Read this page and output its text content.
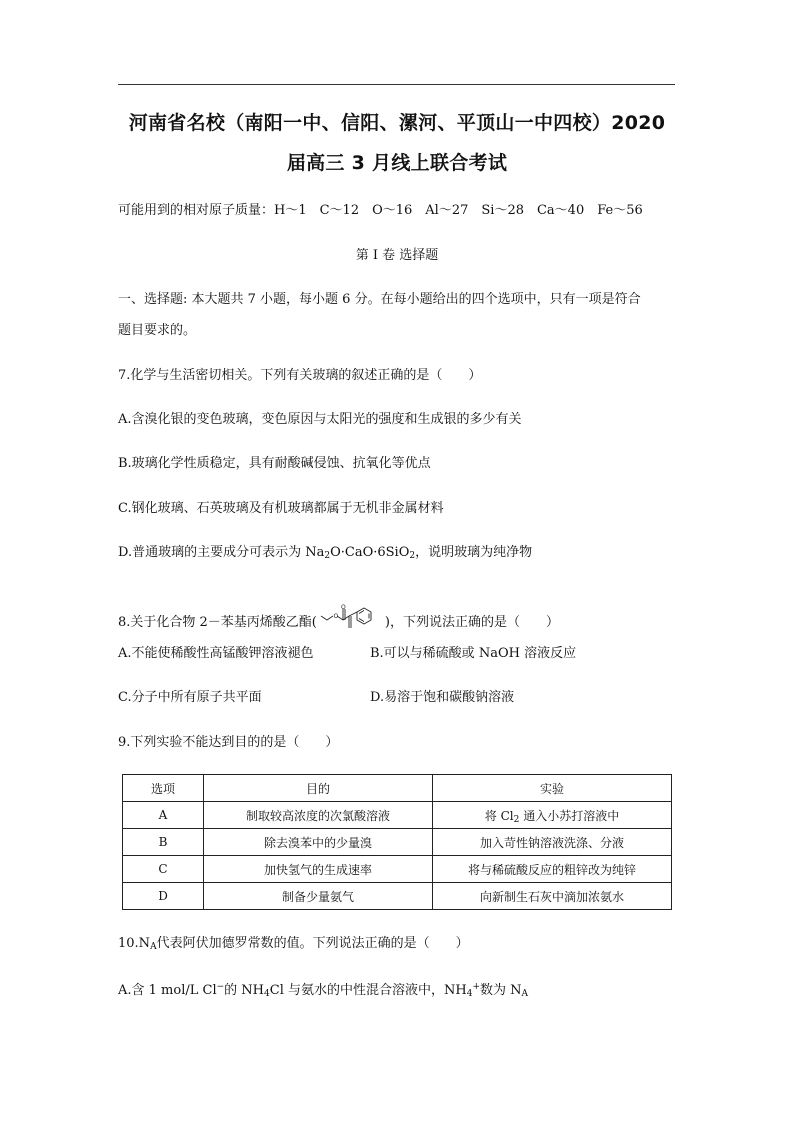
河南省名校（南阳一中、信阳、漯河、平顶山一中四校）2020
届高三 3 月线上联合考试
可能用到的相对原子质量：H～1　C～12　O～16　Al～27　Si～28　Ca～40　Fe～56
第 I 卷 选择题
一、选择题: 本大题共 7 小题，每小题 6 分。在每小题给出的四个选项中，只有一项是符合
题目要求的。
7.化学与生活密切相关。下列有关玻璃的叙述正确的是（　　）
A.含溴化银的变色玻璃，变色原因与太阳光的强度和生成银的多少有关
B.玻璃化学性质稳定，具有耐酸碱侵蚀、抗氧化等优点
C.钢化玻璃、石英玻璃及有机玻璃都属于无机非金属材料
D.普通玻璃的主要成分可表示为 $Na_2O\cdot CaO\cdot 6SiO_2$，说明玻璃为纯净物
8.关于化合物 2－苯基丙烯酸乙酯(	O
O
)，下列说法正确的是（　　）
A.不能使稀酸性高锰酸钾溶液褪色	B.可以与稀硫酸或 NaOH 溶液反应
C.分子中所有原子共平面	D.易溶于饱和碳酸钠溶液
9.下列实验不能达到目的的是（　　）
选项	目的	实验
A	制取较高浓度的次氯酸溶液	将 $Cl_2$ 通入小苏打溶液中
B	除去溴苯中的少量溴	加入苛性钠溶液洗涤、分液
C	加快氢气的生成速率	将与稀硫酸反应的粗锌改为纯锌
D	制备少量氨气	向新制生石灰中滴加浓氨水
$10.N_A$代表阿伏加德罗常数的值。下列说法正确的是（　　）
A.含 1 mol/L Cl−的 $NH_4Cl$ 与氨水的中性混合溶液中，$NH_4^+$数为 $N_A$
